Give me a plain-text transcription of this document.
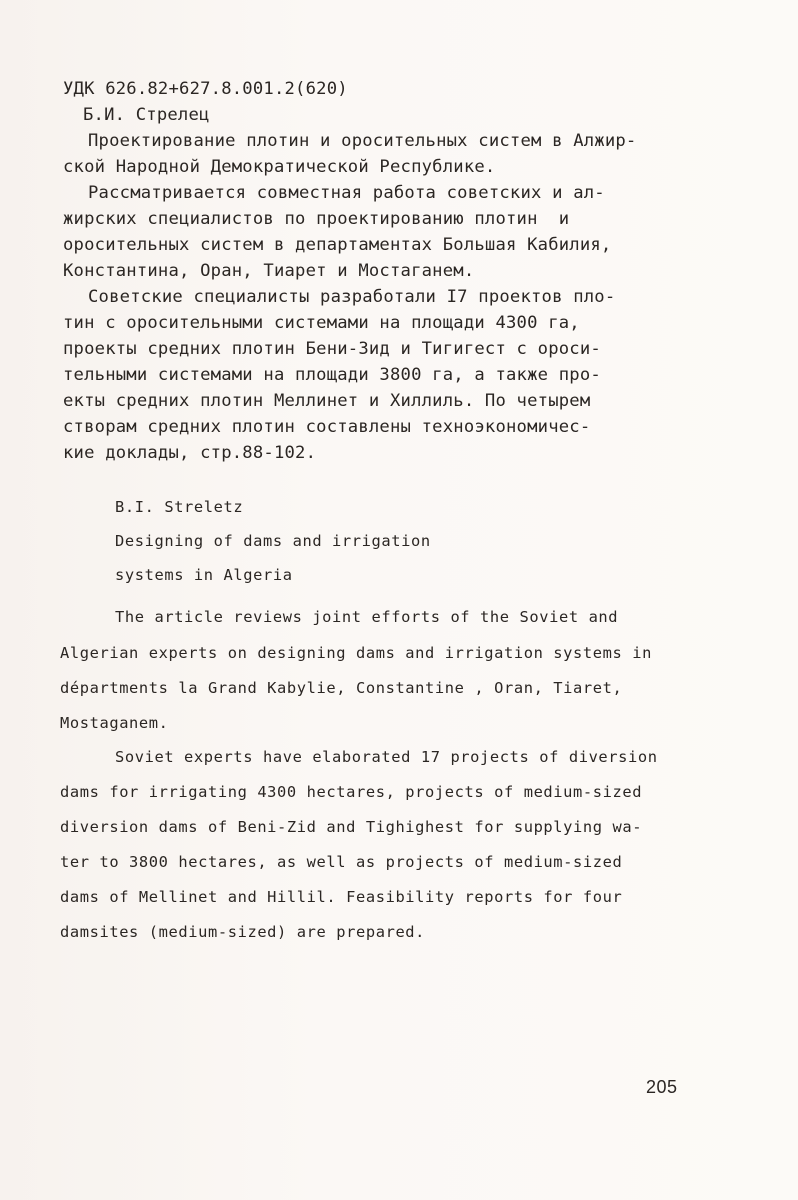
УДК 626.82+627.8.001.2(620)
Б.И. Стрелец
Проектирование плотин и оросительных систем в Алжир-
ской Народной Демократической Республике.
Рассматривается совместная работа советских и ал-
жирских специалистов по проектированию плотин  и
оросительных систем в департаментах Большая Кабилия,
Константина, Оран, Тиарет и Мостаганем.
Советские специалисты разработали I7 проектов пло-
тин с оросительными системами на площади 4300 га,
проекты средних плотин Бени-Зид и Тигигест с ороси-
тельными системами на площади 3800 га, а также про-
екты средних плотин Меллинет и Хиллиль. По четырем
створам средних плотин составлены техноэкономичес-
кие доклады, стр.88-102.
B.I. Streletz
Designing of dams and irrigation
systems in Algeria
The article reviews joint efforts of the Soviet and
Algerian experts on designing dams and irrigation systems in
départments la Grand Kabylie, Constantine , Oran, Tiaret,
Mostaganem.
Soviet experts have elaborated 17 projects of diversion
dams for irrigating 4300 hectares, projects of medium-sized
diversion dams of Beni-Zid and Tighighest for supplying wa-
ter to 3800 hectares, as well as projects of medium-sized
dams of Mellinet and Hillil. Feasibility reports for four
damsites (medium-sized) are prepared.
205
